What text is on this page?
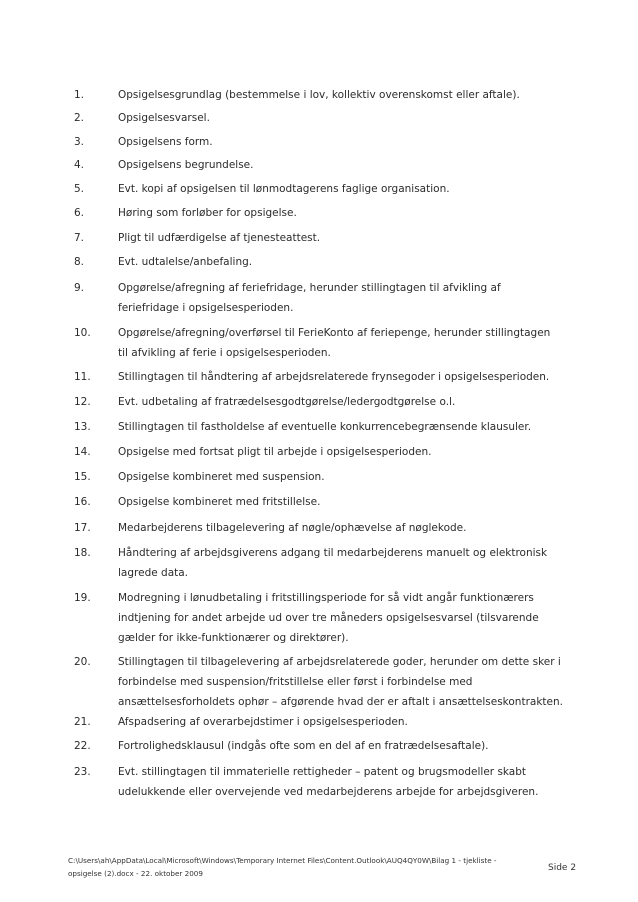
1.	Opsigelsesgrundlag (bestemmelse i lov, kollektiv overenskomst eller aftale).
2.	Opsigelsesvarsel.
3.	Opsigelsens form.
4.	Opsigelsens begrundelse.
5.	Evt. kopi af opsigelsen til lønmodtagerens faglige organisation.
6.	Høring som forløber for opsigelse.
7.	Pligt til udfærdigelse af tjenesteattest.
8.	Evt. udtalelse/anbefaling.
9.	Opgørelse/afregning af feriefridage, herunder stillingtagen til afvikling af feriefridage i opsigelsesperioden.
10.	Opgørelse/afregning/overførsel til FerieKonto af feriepenge, herunder stillingtagen til afvikling af ferie i opsigelsesperioden.
11.	Stillingtagen til håndtering af arbejdsrelaterede frynsegoder i opsigelsesperioden.
12.	Evt. udbetaling af fratrædelsesgodtgørelse/ledergodtgørelse o.l.
13.	Stillingtagen til fastholdelse af eventuelle konkurrencebegrænsende klausuler.
14.	Opsigelse med fortsat pligt til arbejde i opsigelsesperioden.
15.	Opsigelse kombineret med suspension.
16.	Opsigelse kombineret med fritstillelse.
17.	Medarbejderens tilbagelevering af nøgle/ophævelse af nøglekode.
18.	Håndtering af arbejdsgiverens adgang til medarbejderens manuelt og elektronisk lagrede data.
19.	Modregning i lønudbetaling i fritstillingsperiode for så vidt angår funktionærers indtjening for andet arbejde ud over tre måneders opsigelsesvarsel (tilsvarende gælder for ikke-funktionærer og direktører).
20.	Stillingtagen til tilbagelevering af arbejdsrelaterede goder, herunder om dette sker i forbindelse med suspension/fritstillelse eller først i forbindelse med ansættelsesforholdets ophør – afgørende hvad der er aftalt i ansættelseskontrakten.
21.	Afspadsering af overarbejdstimer i opsigelsesperioden.
22.	Fortrolighedsklausul (indgås ofte som en del af en fratrædelsesaftale).
23.	Evt. stillingtagen til immaterielle rettigheder – patent og brugsmodeller skabt udelukkende eller overvejende ved medarbejderens arbejde for arbejdsgiveren.
C:\Users\ah\AppData\Local\Microsoft\Windows\Temporary Internet Files\Content.Outlook\AUQ4QY0W\Bilag 1 - tjekliste -
opsigelse (2).docx - 22. oktober 2009
Side 2
